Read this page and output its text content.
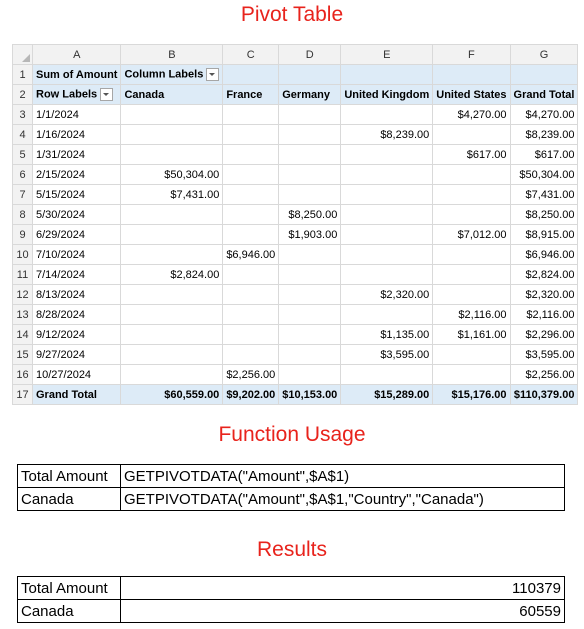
Pivot Table
	A	B	C	D	E	F	G
1	Sum of Amount	Column Labels					
2	Row Labels	Canada	France	Germany	United Kingdom	United States	Grand Total
3	1/1/2024					$4,270.00	$4,270.00
4	1/16/2024				$8,239.00		$8,239.00
5	1/31/2024					$617.00	$617.00
6	2/15/2024	$50,304.00					$50,304.00
7	5/15/2024	$7,431.00					$7,431.00
8	5/30/2024			$8,250.00			$8,250.00
9	6/29/2024			$1,903.00		$7,012.00	$8,915.00
10	7/10/2024		$6,946.00				$6,946.00
11	7/14/2024	$2,824.00					$2,824.00
12	8/13/2024				$2,320.00		$2,320.00
13	8/28/2024					$2,116.00	$2,116.00
14	9/12/2024				$1,135.00	$1,161.00	$2,296.00
15	9/27/2024				$3,595.00		$3,595.00
16	10/27/2024		$2,256.00				$2,256.00
17	Grand Total	$60,559.00	$9,202.00	$10,153.00	$15,289.00	$15,176.00	$110,379.00
Function Usage
Total Amount	GETPIVOTDATA("Amount",$A$1)
Canada	GETPIVOTDATA("Amount",$A$1,"Country","Canada")
Results
Total Amount	110379
Canada	60559
